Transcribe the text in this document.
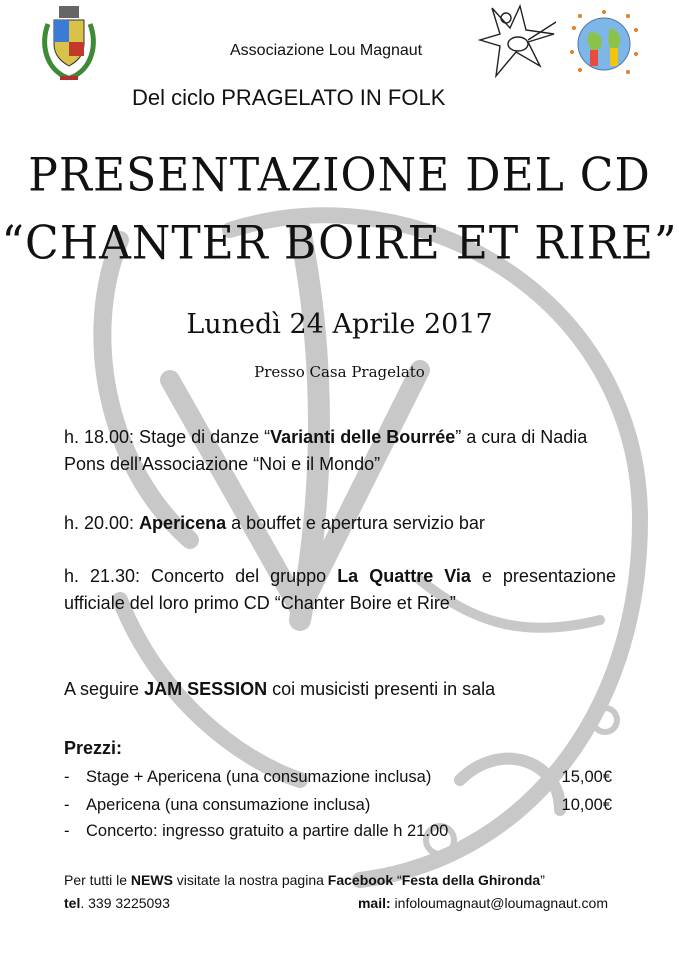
Associazione Lou Magnaut
Del ciclo PRAGELATO IN FOLK
PRESENTAZIONE DEL CD
“CHANTER BOIRE ET RIRE”
Lunedì 24 Aprile 2017
Presso Casa Pragelato
h. 18.00: Stage di danze “Varianti delle Bourrée” a cura di Nadia Pons dell’Associazione “Noi e il Mondo”
h. 20.00: Apericena a bouffet e apertura servizio bar
h. 21.30: Concerto del gruppo La Quattre Via e presentazione ufficiale del loro primo CD “Chanter Boire et Rire”
A seguire JAM SESSION coi musicisti presenti in sala
Prezzi:
- Stage + Apericena (una consumazione inclusa)	15,00€
- Apericena (una consumazione inclusa)	10,00€
- Concerto: ingresso gratuito a partire dalle h 21.00
Per tutti le NEWS visitate la nostra pagina Facebook “Festa della Ghironda”
tel. 339 3225093	mail: infoloumagnaut@loumagnaut.com
